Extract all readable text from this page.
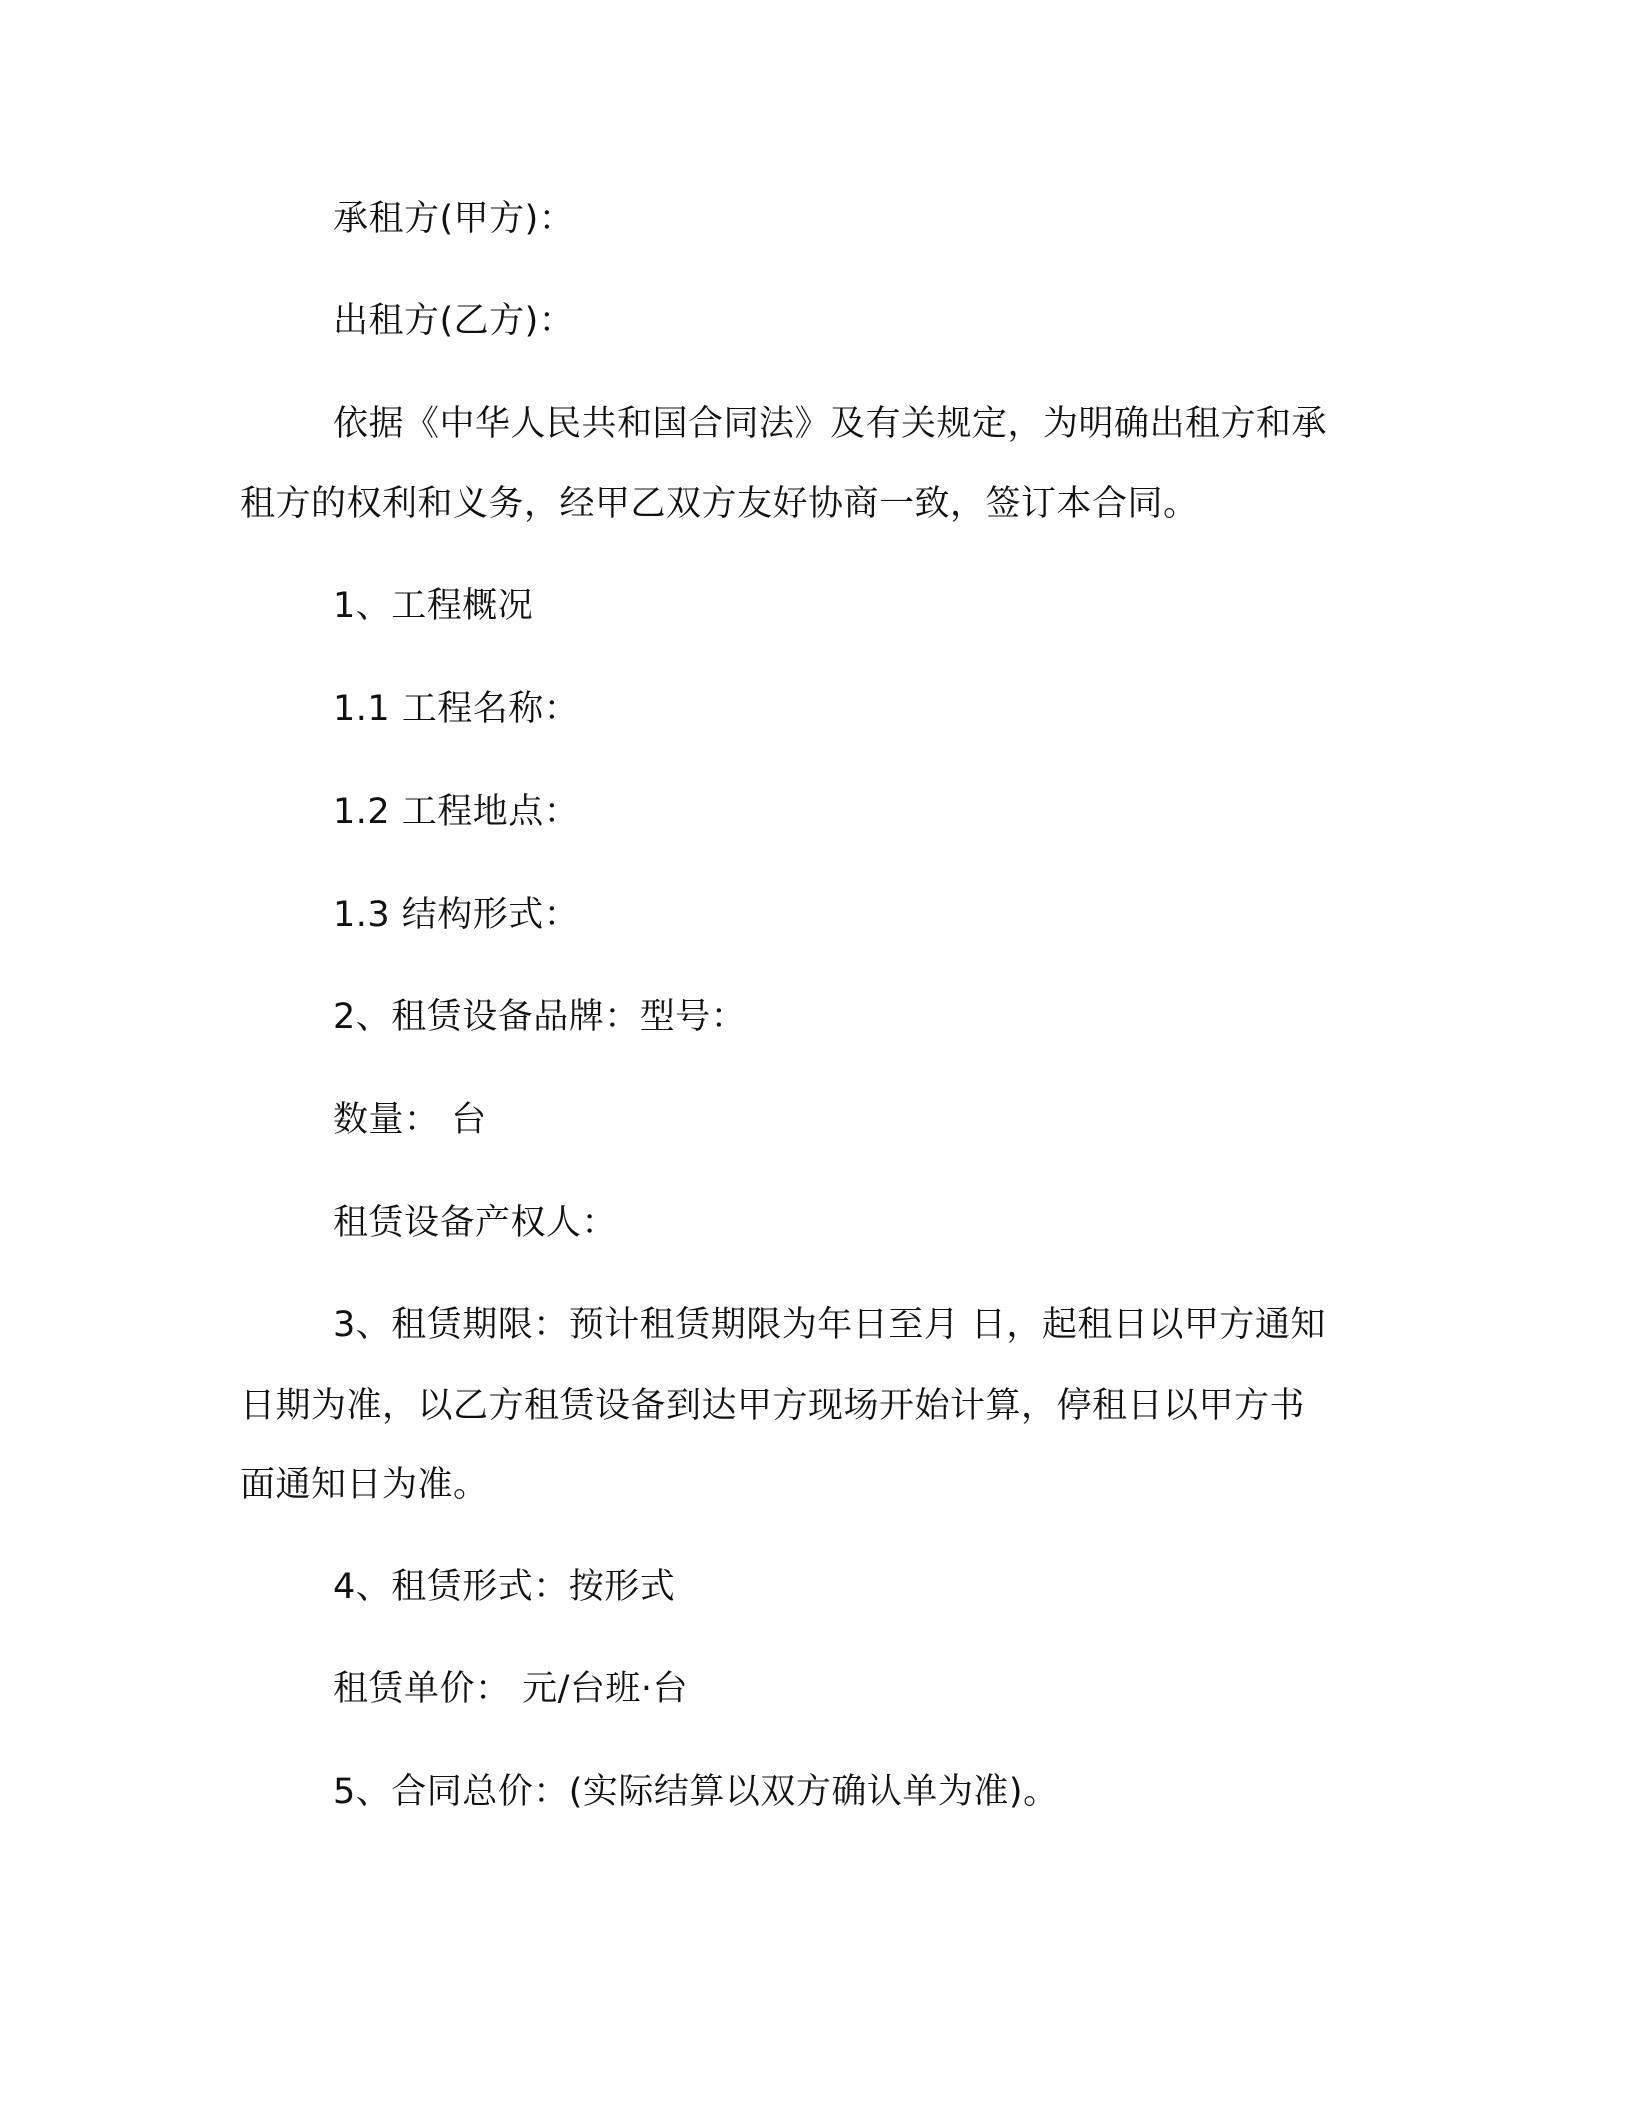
承租方(甲方)：
出租方(乙方)：
依据《中华人民共和国合同法》及有关规定，为明确出租方和承
租方的权利和义务，经甲乙双方友好协商一致，签订本合同。
1、工程概况
1.1 工程名称：
1.2 工程地点：
1.3 结构形式：
2、租赁设备品牌：型号：
数量： 台
租赁设备产权人：
3、租赁期限：预计租赁期限为年日至月 日，起租日以甲方通知
日期为准，以乙方租赁设备到达甲方现场开始计算，停租日以甲方书
面通知日为准。
4、租赁形式：按形式
租赁单价： 元/台班·台
5、合同总价：(实际结算以双方确认单为准)。
